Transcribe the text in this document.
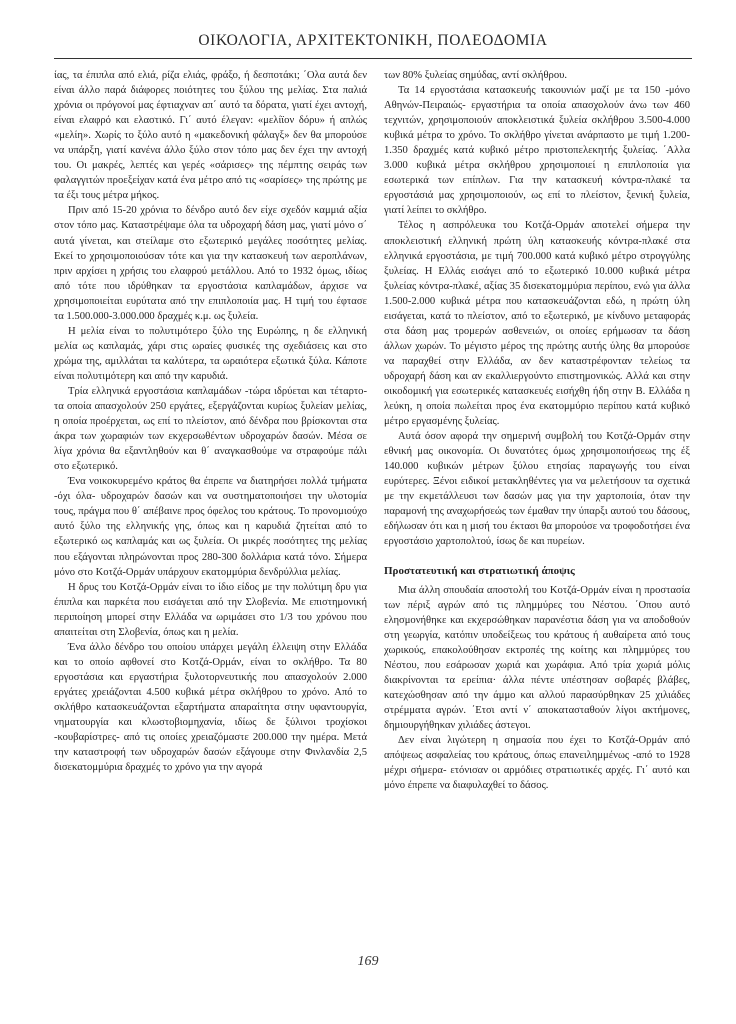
ΟΙΚΟΛΟΓΙΑ, ΑΡΧΙΤΕΚΤΟΝΙΚΗ, ΠΟΛΕΟΔΟΜΙΑ

ίας, τα έπιπλα από ελιά, ρίζα ελιάς, φράξο, ή δεσποτάκι; ΄Ολα αυτά δεν είναι άλλο παρά διάφορες ποιότητες του ξύλου της μελίας. Στα παλιά χρόνια οι πρόγονοί μας έφτιαχναν απ΄ αυτό τα δόρατα, γιατί έχει αντοχή, είναι ελαφρό και ελαστικό. Γι΄ αυτό έλεγαν: «μελίϊον δόρυ» ή απλώς «μελίη». Χωρίς το ξύλο αυτό η «μακεδονική φάλαγξ» δεν θα μπορούσε να υπάρξη, γιατί κανένα άλλο ξύλο στον τόπο μας δεν έχει την αντοχή του. Οι μακρές, λεπτές και γερές «σάρισες» της πέμπτης σειράς των φαλαγγιτών προεξείχαν κατά ένα μέτρο από τις «σαρίσες» της πρώτης με τα έξι τους μέτρα μήκος.

Πριν από 15-20 χρόνια το δένδρο αυτό δεν είχε σχεδόν καμμιά αξία στον τόπο μας. Καταστρέψαμε όλα τα υδροχαρή δάση μας, γιατί μόνο σ΄ αυτά γίνεται, και στείλαμε στο εξωτερικό μεγάλες ποσότητες μελίας. Εκεί το χρησιμοποιούσαν τότε και για την κατασκευή των αεροπλάνων, πριν αρχίσει η χρήσις του ελαφρού μετάλλου. Από το 1932 όμως, ιδίως από τότε που ιδρύθηκαν τα εργοστάσια καπλαμάδων, άρχισε να χρησιμοποιείται ευρύτατα από την επιπλοποιία μας. Η τιμή του έφτασε τα 1.500.000-3.000.000 δραχμές κ.μ. ως ξυλεία.

Η μελία είναι το πολυτιμότερο ξύλο της Ευρώπης, η δε ελληνική μελία ως καπλαμάς, χάρι στις ωραίες φυσικές της σχεδιάσεις και στο χρώμα της, αμιλλάται τα καλύτερα, τα ωραιότερα εξωτικά ξύλα. Κάποτε είναι πολυτιμότερη και από την καρυδιά.

Τρία ελληνικά εργοστάσια καπλαμάδων -τώρα ιδρύεται και τέταρτο- τα οποία απασχολούν 250 εργάτες, εξεργάζονται κυρίως ξυλείαν μελίας, η οποία προέρχεται, ως επί το πλείστον, από δένδρα που βρίσκονται στα άκρα των χωραφιών των εκχερσωθέντων υδροχαρών δασών. Μέσα σε λίγα χρόνια θα εξαντληθούν και θ΄ αναγκασθούμε να στραφούμε πάλι στο εξωτερικό.

Ένα νοικοκυρεμένο κράτος θα έπρεπε να διατηρήσει πολλά τμήματα -όχι όλα- υδροχαρών δασών και να συστηματοποιήσει την υλοτομία τους, πράγμα που θ΄ απέβαινε προς όφελος του κράτους. Το προνομιούχο αυτό ξύλο της ελληνικής γης, όπως και η καρυδιά ζητείται από το εξωτερικό ως καπλαμάς και ως ξυλεία. Οι μικρές ποσότητες της μελίας που εξάγονται πληρώνονται προς 280-300 δολλάρια κατά τόνο. Σήμερα μόνο στο Κοτζά-Ορμάν υπάρχουν εκατομμύρια δενδρύλλια μελίας.

Η δρυς του Κοτζά-Ορμάν είναι το ίδιο είδος με την πολύτιμη δρυ για έπιπλα και παρκέτα που εισάγεται από την Σλοβενία. Με επιστημονική περιποίηση μπορεί στην Ελλάδα να ωριμάσει στο 1/3 του χρόνου που απαιτείται στη Σλοβενία, όπως και η μελία.

Ένα άλλο δένδρο του οποίου υπάρχει μεγάλη έλλειψη στην Ελλάδα και το οποίο αφθονεί στο Κοτζά-Ορμάν, είναι το σκλήθρο. Τα 80 εργοστάσια και εργαστήρια ξυλοτορνευτικής που απασχολούν 2.000 εργάτες χρειάζονται 4.500 κυβικά μέτρα σκλήθρου το χρόνο. Από το σκλήθρο κατασκευάζονται εξαρτήματα απαραίτητα στην υφαντουργία, νηματουργία και κλωστοβιομηχανία, ιδίως δε ξύλινοι τροχίσκοι -κουβαρίστρες- από τις οποίες χρειαζόμαστε 200.000 την ημέρα. Μετά την καταστροφή των υδροχαρών δασών εξάγουμε στην Φινλανδία 2,5 δισεκατομμύρια δραχμές το χρόνο για την αγορά

των 80% ξυλείας σημύδας, αντί σκλήθρου.

Τα 14 εργοστάσια κατασκευής τακουνιών μαζί με τα 150 -μόνο Αθηνών-Πειραιώς- εργαστήρια τα οποία απασχολούν άνω των 460 τεχνιτών, χρησιμοποιούν αποκλειστικά ξυλεία σκλήθρου 3.500-4.000 κυβικά μέτρα το χρόνο. Το σκλήθρο γίνεται ανάρπαστο με τιμή 1.200-1.350 δραχμές κατά κυβικό μέτρο πριστοπελεκητής ξυλείας. ΄Αλλα 3.000 κυβικά μέτρα σκλήθρου χρησιμοποιεί η επιπλοποιία για εσωτερικά των επίπλων. Για την κατασκευή κόντρα-πλακέ τα εργοστάσιά μας χρησιμοποιούν, ως επί το πλείστον, ξενική ξυλεία, γιατί λείπει το σκλήθρο.

Τέλος η ασπρόλευκα του Κοτζά-Ορμάν αποτελεί σήμερα την αποκλειστική ελληνική πρώτη ύλη κατασκευής κόντρα-πλακέ στα ελληνικά εργοστάσια, με τιμή 700.000 κατά κυβικό μέτρο στρογγύλης ξυλείας. Η Ελλάς εισάγει από το εξωτερικό 10.000 κυβικά μέτρα ξυλείας κόντρα-πλακέ, αξίας 35 δισεκατομμύρια περίπου, ενώ για άλλα 1.500-2.000 κυβικά μέτρα που κατασκευάζονται εδώ, η πρώτη ύλη εισάγεται, κατά το πλείστον, από το εξωτερικό, με κίνδυνο μεταφοράς στα δάση μας τρομερών ασθενειών, οι οποίες ερήμωσαν τα δάση άλλων χωρών. Το μέγιστο μέρος της πρώτης αυτής ύλης θα μπορούσε να παραχθεί στην Ελλάδα, αν δεν καταστρέφονταν τελείως τα υδροχαρή δάση και αν εκαλλιεργούντο επιστημονικώς. Αλλά και στην οικοδομική για εσωτερικές κατασκευές εισήχθη ήδη στην Β. Ελλάδα η λεύκη, η οποία πωλείται προς ένα εκατομμύριο περίπου κατά κυβικό μέτρο εργασμένης ξυλείας.

Αυτά όσον αφορά την σημερινή συμβολή του Κοτζά-Ορμάν στην εθνική μας οικονομία. Οι δυνατότες όμως χρησιμοποιήσεως της έξ 140.000 κυβικών μέτρων ξύλου ετησίας παραγωγής του είναι ευρύτερες. Ξένοι ειδικοί μετακληθέντες για να μελετήσουν τα σχετικά με την εκμετάλλευσι των δασών μας για την χαρτοποιία, όταν την παραμονή της αναχωρήσεώς των έμαθαν την ύπαρξι αυτού του δάσους, εδήλωσαν ότι και η μισή του έκτασι θα μπορούσε να τροφοδοτήσει ένα εργοστάσιο χαρτοπολτού, ίσως δε και πυρείων.

Προστατευτική και στρατιωτική άποψις

Μια άλλη σπουδαία αποστολή του Κοτζά-Ορμάν είναι η προστασία των πέριξ αγρών από τις πλημμύρες του Νέστου. ΄Οπου αυτό ελησμονήθηκε και εκχερσώθηκαν παρανέστια δάση για να αποδοθούν στη γεωργία, κατόπιν υποδείξεως του κράτους ή αυθαίρετα από τους χωρικούς, επακολούθησαν εκτροπές της κοίτης και πλημμύρες του Νέστου, που εσάρωσαν χωριά και χωράφια. Από τρία χωριά μόλις διακρίνονται τα ερείπια· άλλα πέντε υπέστησαν σοβαρές βλάβες, κατεχώσθησαν από την άμμο και αλλού παρασύρθηκαν 25 χιλιάδες στρέμματα αγρών. ΄Ετσι αντί ν΄ αποκατασταθούν λίγοι ακτήμονες, δημιουργήθηκαν χιλιάδες άστεγοι.

Δεν είναι λιγώτερη η σημασία που έχει το Κοτζά-Ορμάν από απόψεως ασφαλείας του κράτους, όπως επανειλημμένως -από το 1928 μέχρι σήμερα- ετόνισαν οι αρμόδιες στρατιωτικές αρχές. Γι΄ αυτό και μόνο έπρεπε να διαφυλαχθεί το δάσος.

169
